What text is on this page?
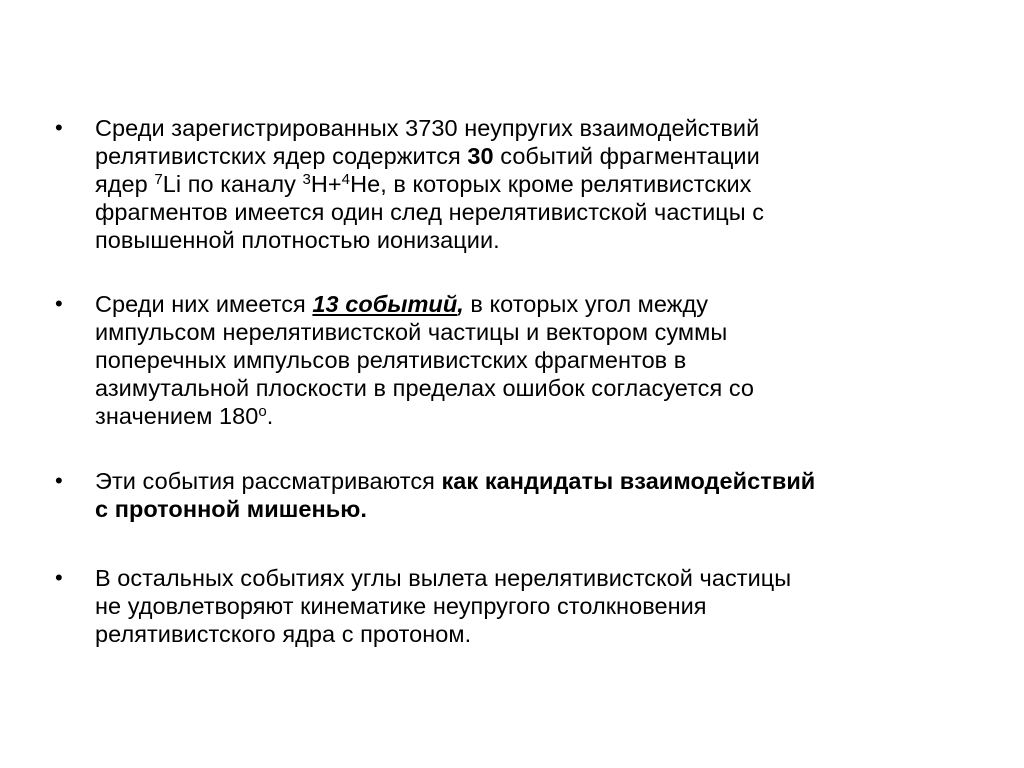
• Среди зарегистрированных 3730 неупругих взаимодействий
релятивистских ядер содержится 30 событий фрагментации
ядер $^7$Li по каналу $^3$H+$^4$He, в которых кроме релятивистских
фрагментов имеется один след нерелятивистской частицы с
повышенной плотностью ионизации.
• Среди них имеется 13 событий, в которых угол между
импульсом нерелятивистской частицы и вектором суммы
поперечных импульсов релятивистских фрагментов в
азимутальной плоскости в пределах ошибок согласуется со
значением 180$^o$.
• Эти события рассматриваются как кандидаты взаимодействий
с протонной мишенью.
• В остальных событиях углы вылета нерелятивистской частицы
не удовлетворяют кинематике неупругого столкновения
релятивистского ядра с протоном.
